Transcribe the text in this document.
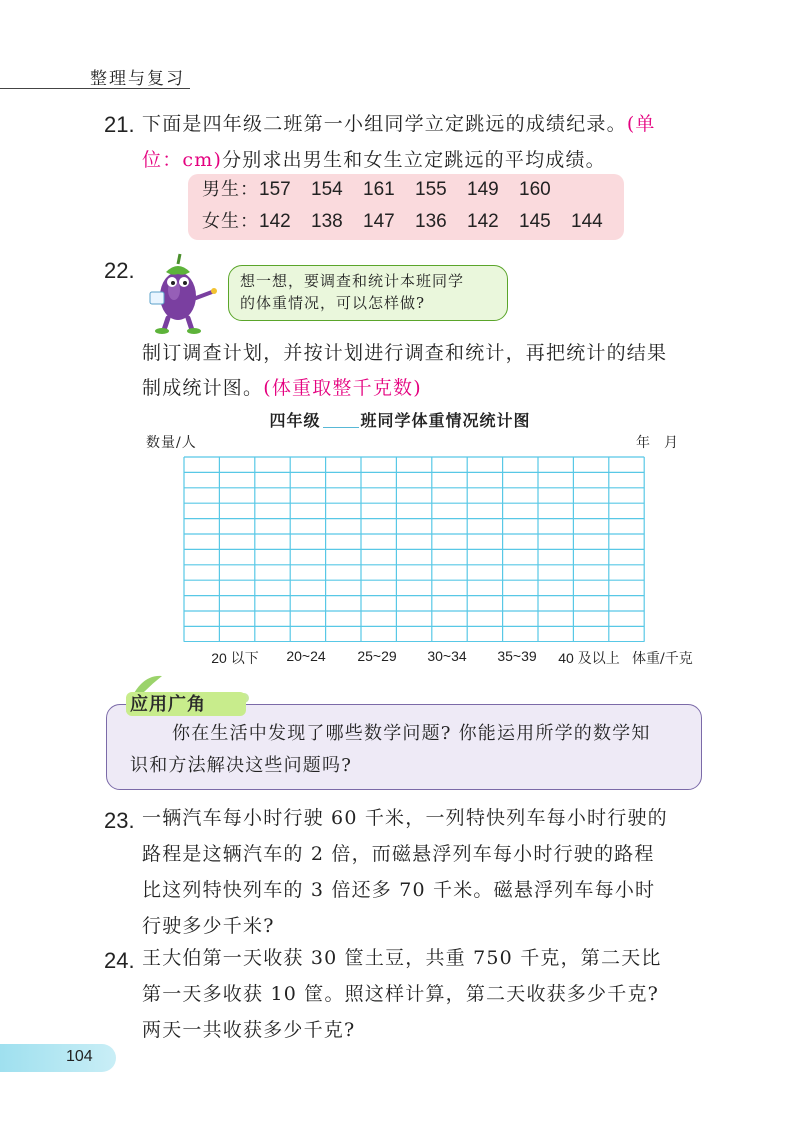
整理与复习
21. 下面是四年级二班第一小组同学立定跳远的成绩纪录。(单
位：cm)分别求出男生和女生立定跳远的平均成绩。
男生：157 154 161 155 149 160
女生：142 138 147 136 142 145 144
22.	想一想，要调查和统计本班同学
的体重情况，可以怎样做?
制订调查计划，并按计划进行调查和统计，再把统计的结果
制成统计图。(体重取整千克数)
四年级	班同学体重情况统计图
数量/人	年　月
20 以下 20~24 25~29 30~34 35~39 40 及以上 体重/千克
应用广角
你在生活中发现了哪些数学问题? 你能运用所学的数学知
识和方法解决这些问题吗?
23. 一辆汽车每小时行驶 60 千米，一列特快列车每小时行驶的
路程是这辆汽车的 2 倍，而磁悬浮列车每小时行驶的路程
比这列特快列车的 3 倍还多 70 千米。磁悬浮列车每小时
行驶多少千米?
24. 王大伯第一天收获 30 筐土豆，共重 750 千克，第二天比
第一天多收获 10 筐。照这样计算，第二天收获多少千克?
两天一共收获多少千克?
104
